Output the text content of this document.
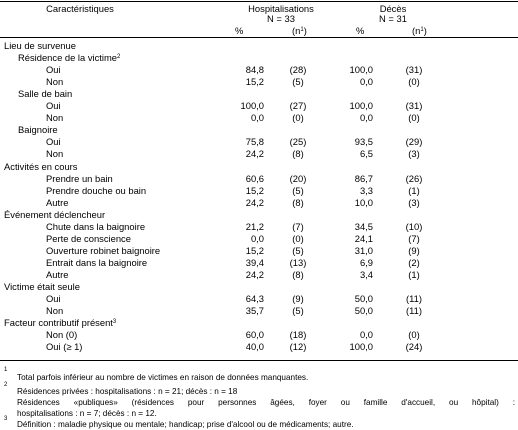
Caractéristiques	Hospitalisations
N = 33
Décès
N = 31
%	$(n^1)$	%	$(n^1)$
Lieu de survenue
Résidence de la victime$^2$
Oui	84,8	(28)	100,0	(31)
Non	15,2	(5)	0,0	(0)
Salle de bain
Oui	100,0	(27)	100,0	(31)
Non	0,0	(0)	0,0	(0)
Baignoire
Oui	75,8	(25)	93,5	(29)
Non	24,2	(8)	6,5	(3)
Activités en cours
Prendre un bain	60,6	(20)	86,7	(26)
Prendre douche ou bain	15,2	(5)	3,3	(1)
Autre	24,2	(8)	10,0	(3)
Événement déclencheur
Chute dans la baignoire	21,2	(7)	34,5	(10)
Perte de conscience	0,0	(0)	24,1	(7)
Ouverture robinet baignoire	15,2	(5)	31,0	(9)
Entrait dans la baignoire	39,4	(13)	6,9	(2)
Autre	24,2	(8)	3,4	(1)
Victime était seule
Oui	64,3	(9)	50,0	(11)
Non	35,7	(5)	50,0	(11)
Facteur contributif présent$^3$
Non (0)	60,0	(18)	0,0	(0)
Oui (≥ 1)	40,0	(12)	100,0	(24)
1
Total parfois inférieur au nombre de victimes en raison de données manquantes.
2
Résidences privées : hospitalisations : n = 21; décès : n = 18
Résidences «publiques» (résidences pour personnes âgées, foyer ou famille d'accueil, ou hôpital) :
hospitalisations : n = 7; décès : n = 12.
3
Définition : maladie physique ou mentale; handicap; prise d'alcool ou de médicaments; autre.
